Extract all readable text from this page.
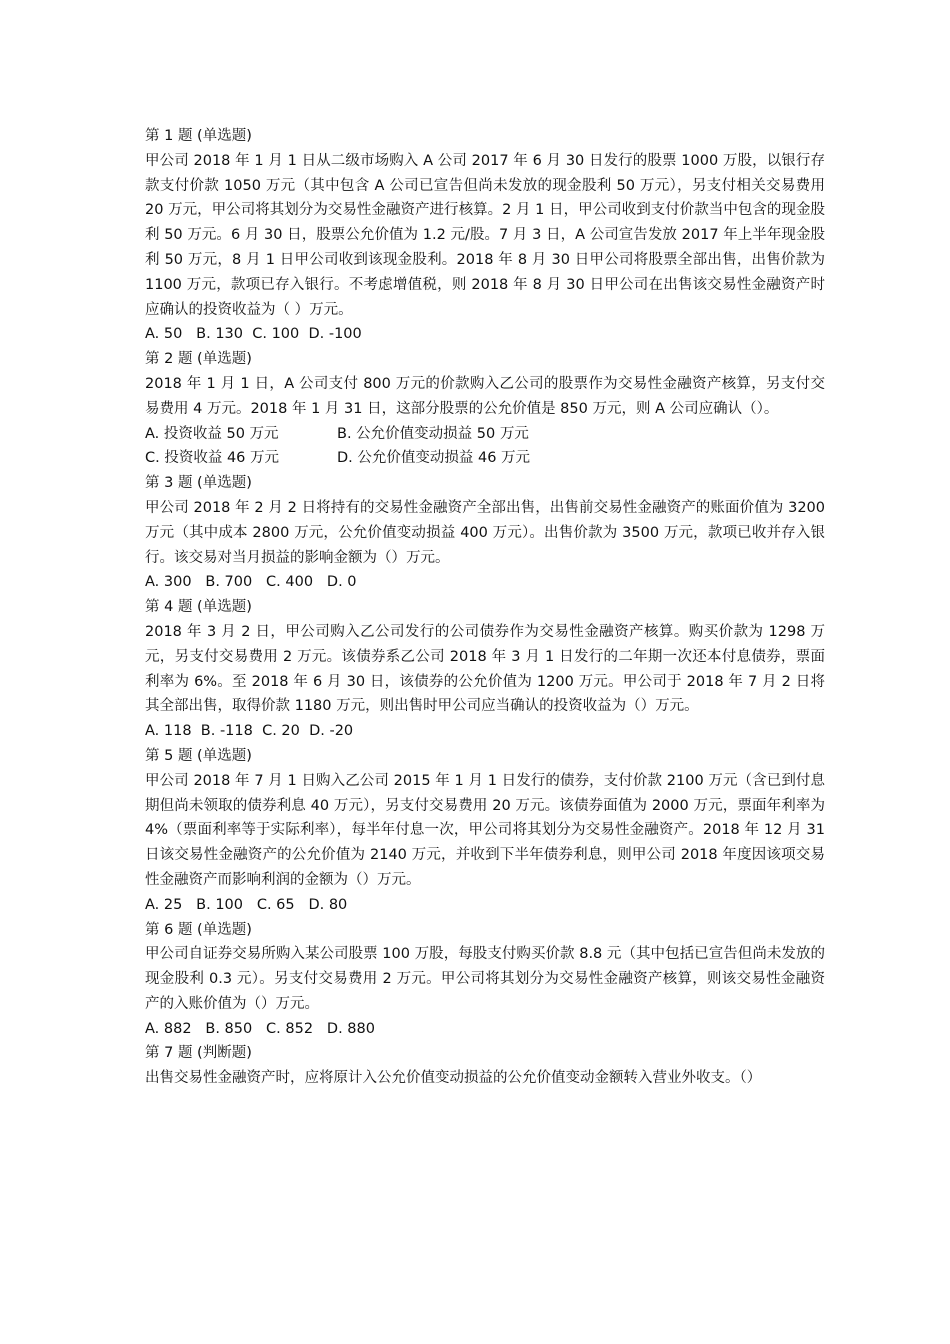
第 1 题 (单选题)
甲公司 2018 年 1 月 1 日从二级市场购入 A 公司 2017 年 6 月 30 日发行的股票 1000 万股，以银行存款支付价款 1050 万元（其中包含 A 公司已宣告但尚未发放的现金股利 50 万元），另支付相关交易费用 20 万元，甲公司将其划分为交易性金融资产进行核算。2 月 1 日，甲公司收到支付价款当中包含的现金股利 50 万元。6 月 30 日，股票公允价值为 1.2 元/股。7 月 3 日，A 公司宣告发放 2017 年上半年现金股利 50 万元，8 月 1 日甲公司收到该现金股利。2018 年 8 月 30 日甲公司将股票全部出售，出售价款为 1100 万元，款项已存入银行。不考虑增值税，则 2018 年 8 月 30 日甲公司在出售该交易性金融资产时应确认的投资收益为（ ）万元。
A. 50   B. 130  C. 100  D. -100
第 2 题 (单选题)
2018 年 1 月 1 日，A 公司支付 800 万元的价款购入乙公司的股票作为交易性金融资产核算，另支付交易费用 4 万元。2018 年 1 月 31 日，这部分股票的公允价值是 850 万元，则 A 公司应确认（）。
A. 投资收益 50 万元	B. 公允价值变动损益 50 万元
C. 投资收益 46 万元	D. 公允价值变动损益 46 万元
第 3 题 (单选题)
甲公司 2018 年 2 月 2 日将持有的交易性金融资产全部出售，出售前交易性金融资产的账面价值为 3200 万元（其中成本 2800 万元，公允价值变动损益 400 万元）。出售价款为 3500 万元，款项已收并存入银行。该交易对当月损益的影响金额为（）万元。
A. 300   B. 700   C. 400   D. 0
第 4 题 (单选题)
2018 年 3 月 2 日，甲公司购入乙公司发行的公司债券作为交易性金融资产核算。购买价款为 1298 万元，另支付交易费用 2 万元。该债券系乙公司 2018 年 3 月 1 日发行的二年期一次还本付息债券，票面利率为 6%。至 2018 年 6 月 30 日，该债券的公允价值为 1200 万元。甲公司于 2018 年 7 月 2 日将其全部出售，取得价款 1180 万元，则出售时甲公司应当确认的投资收益为（）万元。
A. 118  B. -118  C. 20  D. -20
第 5 题 (单选题)
甲公司 2018 年 7 月 1 日购入乙公司 2015 年 1 月 1 日发行的债券，支付价款 2100 万元（含已到付息期但尚未领取的债券利息 40 万元），另支付交易费用 20 万元。该债券面值为 2000 万元，票面年利率为 4%（票面利率等于实际利率），每半年付息一次，甲公司将其划分为交易性金融资产。2018 年 12 月 31 日该交易性金融资产的公允价值为 2140 万元，并收到下半年债券利息，则甲公司 2018 年度因该项交易性金融资产而影响利润的金额为（）万元。
A. 25   B. 100   C. 65   D. 80
第 6 题 (单选题)
甲公司自证券交易所购入某公司股票 100 万股，每股支付购买价款 8.8 元（其中包括已宣告但尚未发放的现金股利 0.3 元）。另支付交易费用 2 万元。甲公司将其划分为交易性金融资产核算，则该交易性金融资产的入账价值为（）万元。
A. 882   B. 850   C. 852   D. 880
第 7 题 (判断题)
出售交易性金融资产时，应将原计入公允价值变动损益的公允价值变动金额转入营业外收支。（）
